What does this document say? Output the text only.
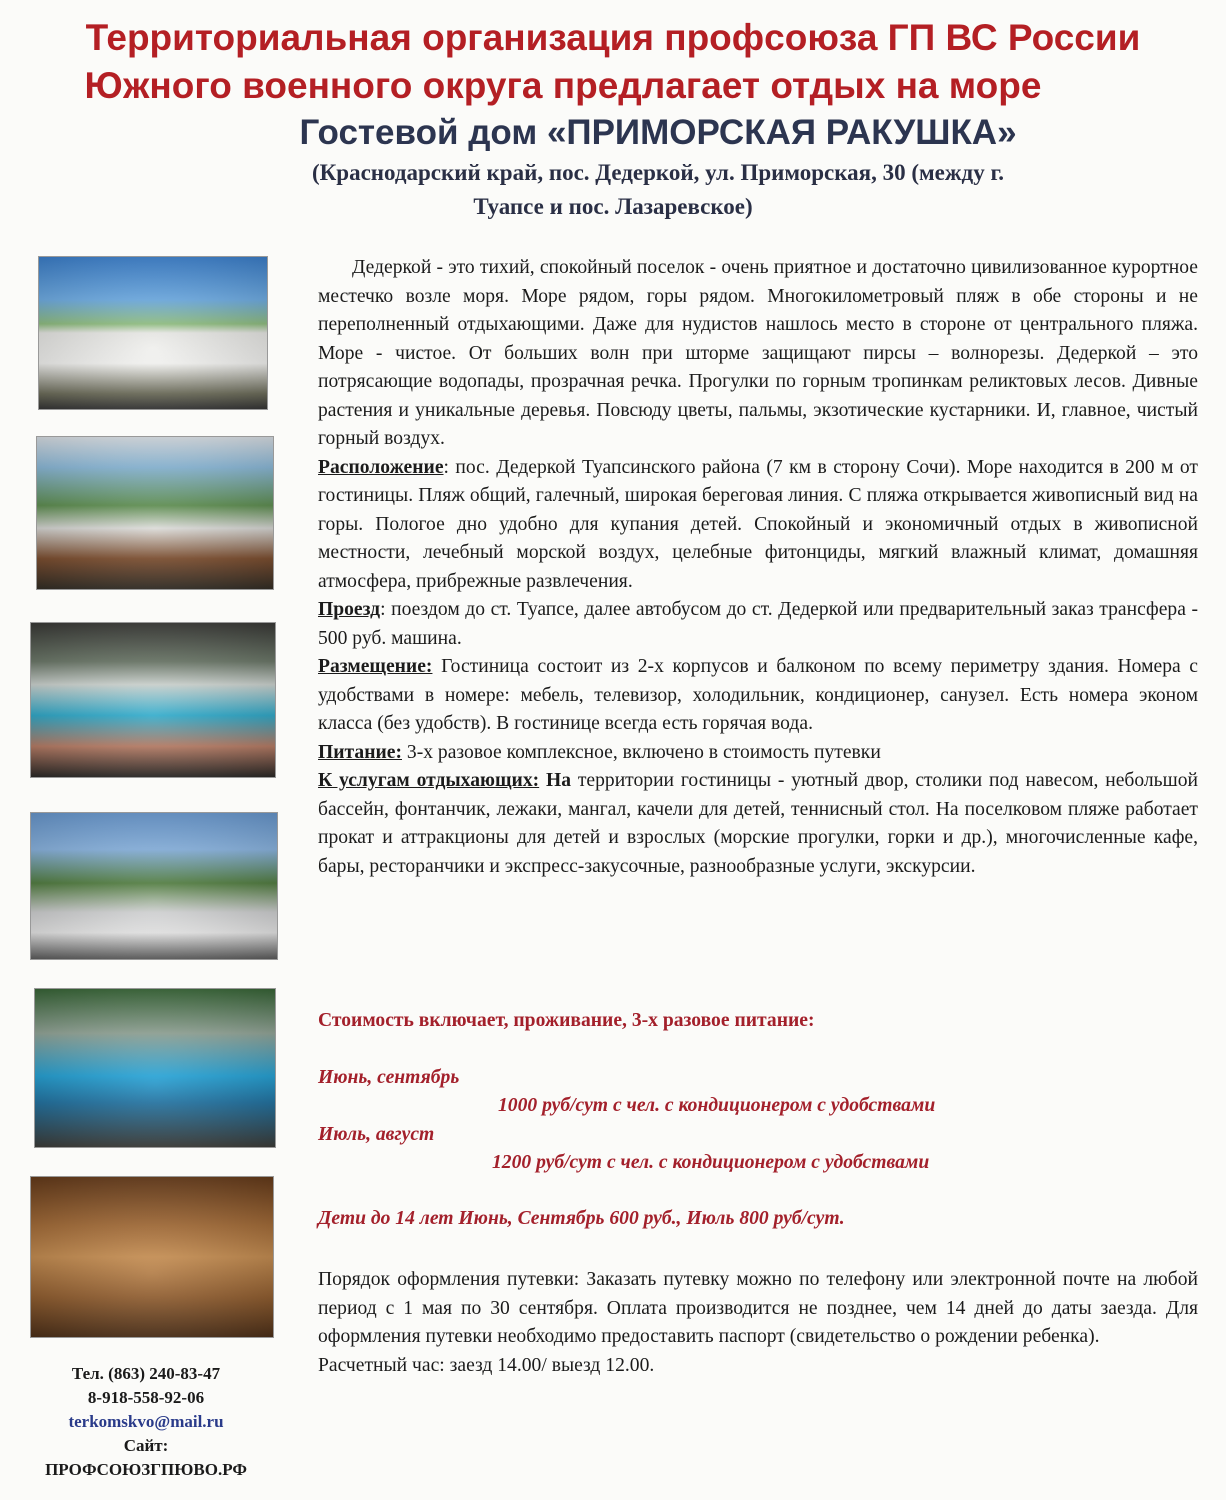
Территориальная организация профсоюза ГП ВС России
Южного военного округа предлагает отдых на море
Гостевой дом «ПРИМОРСКАЯ РАКУШКА»
(Краснодарский край, пос. Дедеркой, ул. Приморская, 30 (между г.
Туапсе и пос. Лазаревское)

Дедеркой - это тихий, спокойный поселок - очень приятное и достаточно цивилизованное курортное местечко возле моря. Море рядом, горы рядом. Многокилометровый пляж в обе стороны и не переполненный отдыхающими. Даже для нудистов нашлось место в стороне от центрального пляжа. Море - чистое. От больших волн при шторме защищают пирсы – волнорезы. Дедеркой – это потрясающие водопады, прозрачная речка. Прогулки по горным тропинкам реликтовых лесов. Дивные растения и уникальные деревья. Повсюду цветы, пальмы, экзотические кустарники. И, главное, чистый горный воздух.

Расположение: пос. Дедеркой Туапсинского района (7 км в сторону Сочи). Море находится в 200 м от гостиницы. Пляж общий, галечный, широкая береговая линия. С пляжа открывается живописный вид на горы. Пологое дно удобно для купания детей. Спокойный и экономичный отдых в живописной местности, лечебный морской воздух, целебные фитонциды, мягкий влажный климат, домашняя атмосфера, прибрежные развлечения.

Проезд: поездом до ст. Туапсе, далее автобусом до ст. Дедеркой или предварительный заказ трансфера - 500 руб. машина.

Размещение: Гостиница состоит из 2-х корпусов и балконом по всему периметру здания. Номера с удобствами в номере: мебель, телевизор, холодильник, кондиционер, санузел. Есть номера эконом класса (без удобств). В гостинице всегда есть горячая вода.

Питание: 3-х разовое комплексное, включено в стоимость путевки

К услугам отдыхающих: На территории гостиницы - уютный двор, столики под навесом, небольшой бассейн, фонтанчик, лежаки, мангал, качели для детей, теннисный стол. На поселковом пляже работает прокат и аттракционы для детей и взрослых (морские прогулки, горки и др.), многочисленные кафе, бары, ресторанчики и экспресс-закусочные, разнообразные услуги, экскурсии.

Стоимость включает, проживание, 3-х разовое питание:
Июнь, сентябрь
1000 руб/сут с чел. с кондиционером с удобствами
Июль, август
1200 руб/сут с чел. с кондиционером с удобствами
Дети до 14 лет Июнь, Сентябрь 600 руб., Июль 800 руб/сут.

Порядок оформления путевки: Заказать путевку можно по телефону или электронной почте на любой период с 1 мая по 30 сентября. Оплата производится не позднее, чем 14 дней до даты заезда. Для оформления путевки необходимо предоставить паспорт (свидетельство о рождении ребенка).

Расчетный час: заезд 14.00/ выезд 12.00.

Тел. (863) 240-83-47
8-918-558-92-06
terkomskvo@mail.ru
Сайт:
ПРОФСОЮЗГПЮВО.РФ
